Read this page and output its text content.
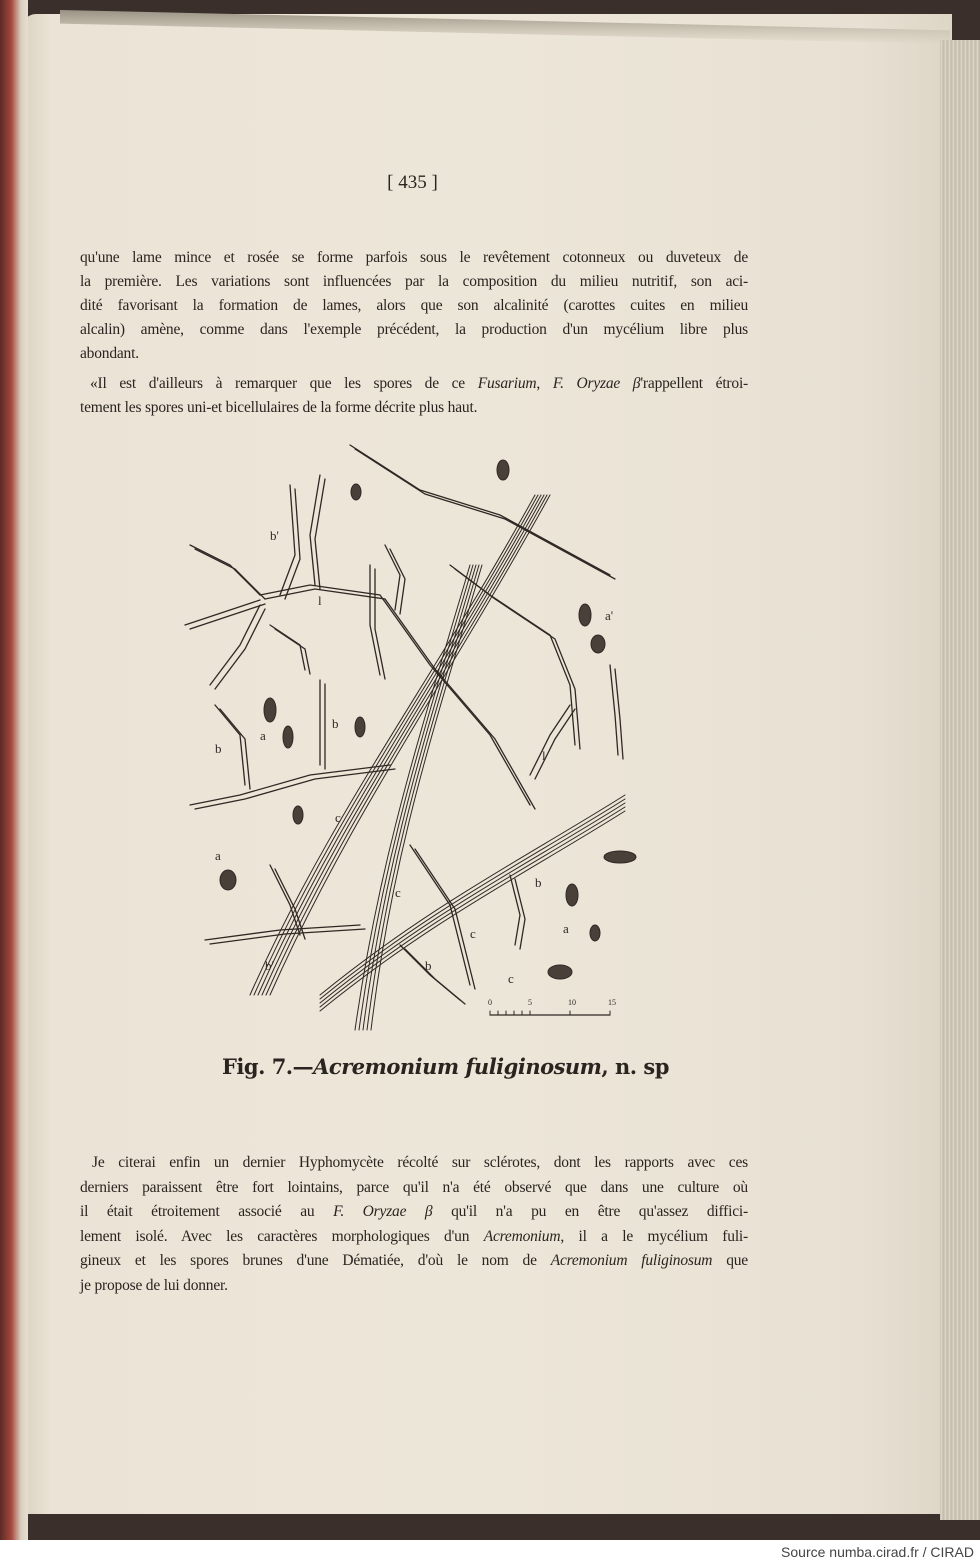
[ 435 ]
qu'une lame mince et rosée se forme parfois sous le revêtement cotonneux ou duveteux de
la première. Les variations sont influencées par la composition du milieu nutritif, son aci-
dité favorisant la formation de lames, alors que son alcalinité (carottes cuites en milieu
alcalin) amène, comme dans l'exemple précédent, la production d'un mycélium libre plus
abondant.
«Il est d'ailleurs à remarquer que les spores de ce Fusarium, F. Oryzae β'rappellent étroi-
tement les spores uni-et bicellulaires de la forme décrite plus haut.
b'
l
b
a
b
c
a
c
c
b'	b
a'
l
b
a
c
0	5	10	15
Fig. 7.—Acremonium fuliginosum, n. sp
Je citerai enfin un dernier Hyphomycète récolté sur sclérotes, dont les rapports avec ces
derniers paraissent être fort lointains, parce qu'il n'a été observé que dans une culture où
il était étroitement associé au F. Oryzae β qu'il n'a pu en être qu'assez diffici-
lement isolé. Avec les caractères morphologiques d'un Acremonium, il a le mycélium fuli-
gineux et les spores brunes d'une Dématiée, d'où le nom de Acremonium fuliginosum que
je propose de lui donner.
Source numba.cirad.fr / CIRAD
